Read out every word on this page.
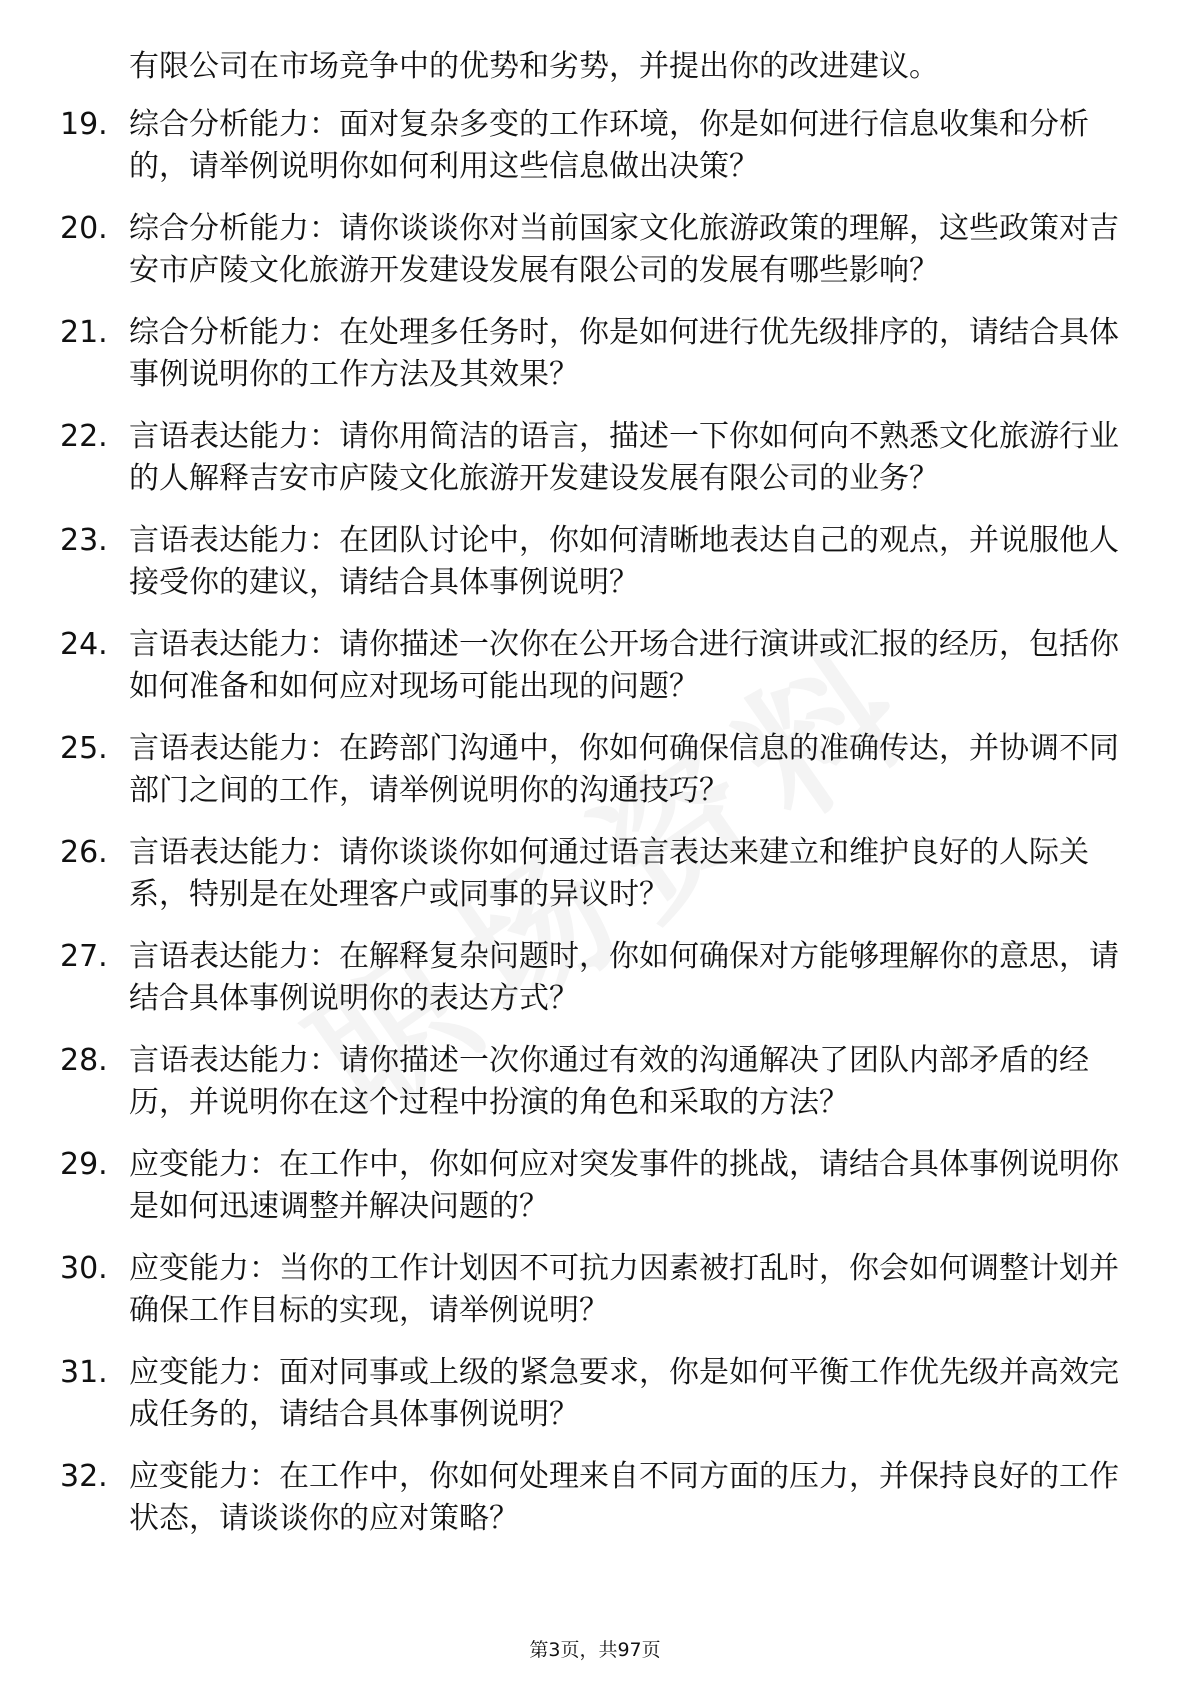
有限公司在市场竞争中的优势和劣势，并提出你的改进建议。
19. 综合分析能力：面对复杂多变的工作环境，你是如何进行信息收集和分析的，请举例说明你如何利用这些信息做出决策？
20. 综合分析能力：请你谈谈你对当前国家文化旅游政策的理解，这些政策对吉安市庐陵文化旅游开发建设发展有限公司的发展有哪些影响？
21. 综合分析能力：在处理多任务时，你是如何进行优先级排序的，请结合具体事例说明你的工作方法及其效果？
22. 言语表达能力：请你用简洁的语言，描述一下你如何向不熟悉文化旅游行业的人解释吉安市庐陵文化旅游开发建设发展有限公司的业务？
23. 言语表达能力：在团队讨论中，你如何清晰地表达自己的观点，并说服他人接受你的建议，请结合具体事例说明？
24. 言语表达能力：请你描述一次你在公开场合进行演讲或汇报的经历，包括你如何准备和如何应对现场可能出现的问题？
25. 言语表达能力：在跨部门沟通中，你如何确保信息的准确传达，并协调不同部门之间的工作，请举例说明你的沟通技巧？
26. 言语表达能力：请你谈谈你如何通过语言表达来建立和维护良好的人际关系，特别是在处理客户或同事的异议时？
27. 言语表达能力：在解释复杂问题时，你如何确保对方能够理解你的意思，请结合具体事例说明你的表达方式？
28. 言语表达能力：请你描述一次你通过有效的沟通解决了团队内部矛盾的经历，并说明你在这个过程中扮演的角色和采取的方法？
29. 应变能力：在工作中，你如何应对突发事件的挑战，请结合具体事例说明你是如何迅速调整并解决问题的？
30. 应变能力：当你的工作计划因不可抗力因素被打乱时，你会如何调整计划并确保工作目标的实现，请举例说明？
31. 应变能力：面对同事或上级的紧急要求，你是如何平衡工作优先级并高效完成任务的，请结合具体事例说明？
32. 应变能力：在工作中，你如何处理来自不同方面的压力，并保持良好的工作状态，请谈谈你的应对策略？
第3页，共97页
